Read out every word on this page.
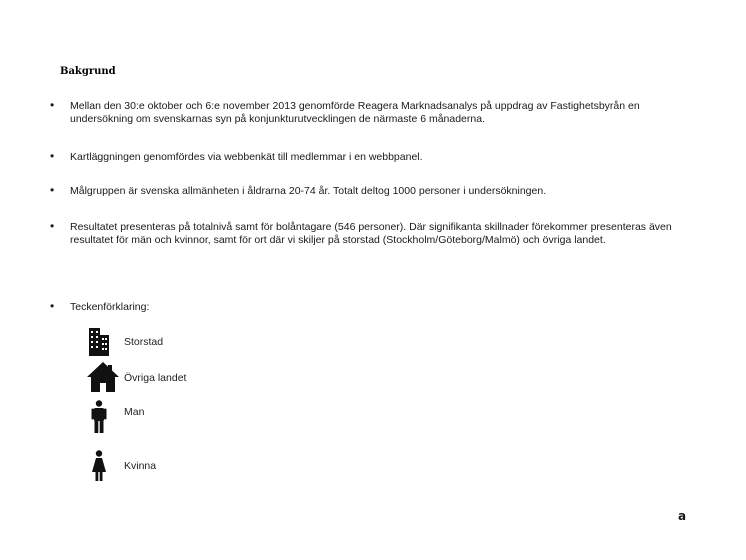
Bakgrund
• Mellan den 30:e oktober och 6:e november 2013 genomförde Reagera Marknadsanalys på uppdrag av Fastighetsbyrån en undersökning om svenskarnas syn på konjunkturutvecklingen de närmaste 6 månaderna.
• Kartläggningen genomfördes via webbenkät till medlemmar i en webbpanel.
• Målgruppen är svenska allmänheten i åldrarna 20-74 år. Totalt deltog 1000 personer i undersökningen.
• Resultatet presenteras på totalnivå samt för bolåntagare (546 personer). Där signifikanta skillnader förekommer presenteras även resultatet för män och kvinnor, samt för ort där vi skiljer på storstad (Stockholm/Göteborg/Malmö) och övriga landet.
• Teckenförklaring:
Storstad
Övriga landet
Man
Kvinna
a
